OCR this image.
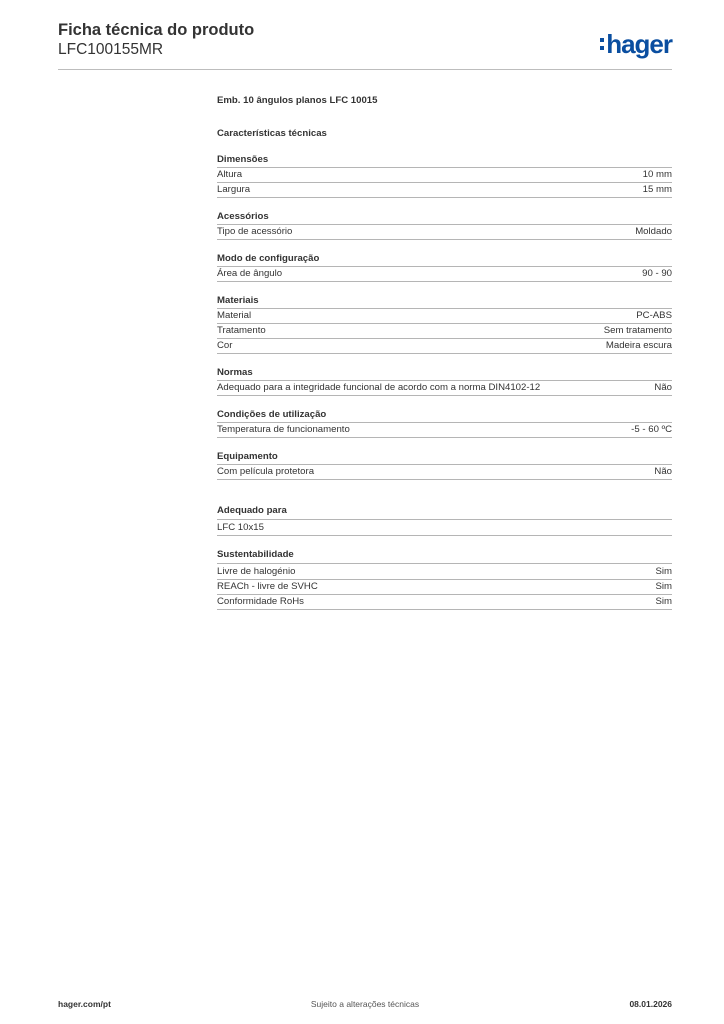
Ficha técnica do produto
LFC100155MR	hager
Emb. 10 ângulos planos LFC 10015
Características técnicas
Dimensões
Altura	10 mm
Largura	15 mm
Acessórios
Tipo de acessório	Moldado
Modo de configuração
Área de ângulo	90 - 90
Materiais
Material	PC-ABS
Tratamento	Sem tratamento
Cor	Madeira escura
Normas
Adequado para a integridade funcional de acordo com a norma DIN4102-12	Não
Condições de utilização
Temperatura de funcionamento	-5 - 60 ºC
Equipamento
Com película protetora	Não
Adequado para
LFC 10x15
Sustentabilidade
Livre de halogénio	Sim
REACh - livre de SVHC	Sim
Conformidade RoHs	Sim
hager.com/pt	Sujeito a alterações técnicas	08.01.2026
